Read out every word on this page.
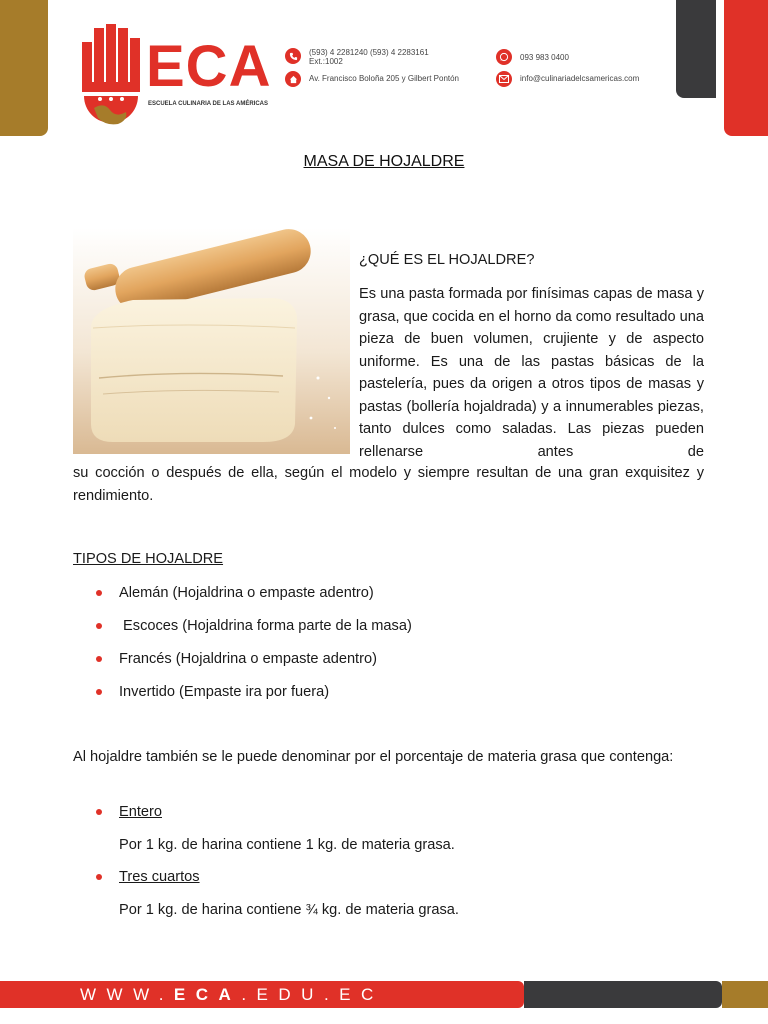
ECA
ESCUELA CULINARIA DE LAS AMÉRICAS
(593) 4 2281240 (593) 4 2283161
Ext.:1002
Av. Francisco Boloña 205 y Gilbert Pontón
093 983 0400
info@culinariadelcsamericas.com
MASA DE HOJALDRE
¿QUÉ ES EL HOJALDRE?
Es una pasta formada por finísimas capas de masa y grasa, que cocida en el horno da como resultado una pieza de buen volumen, crujiente y de aspecto uniforme. Es una de las pastas básicas de la pastelería, pues da origen a otros tipos de masas y pastas (bollería hojaldrada) y a innumerables piezas, tanto dulces como saladas. Las piezas pueden rellenarse antes de
su cocción o después de ella, según el modelo y siempre resultan de una gran exquisitez y rendimiento.
TIPOS DE HOJALDRE
Alemán (Hojaldrina o empaste adentro)
Escoces (Hojaldrina forma parte de la masa)
Francés (Hojaldrina o empaste adentro)
Invertido (Empaste ira por fuera)
Al hojaldre también se le puede denominar por el porcentaje de materia grasa que contenga:
Entero
Por 1 kg. de harina contiene 1 kg. de materia grasa.
Tres cuartos
Por 1 kg. de harina contiene ¾ kg. de materia grasa.
WWW.ECA.EDU.EC
